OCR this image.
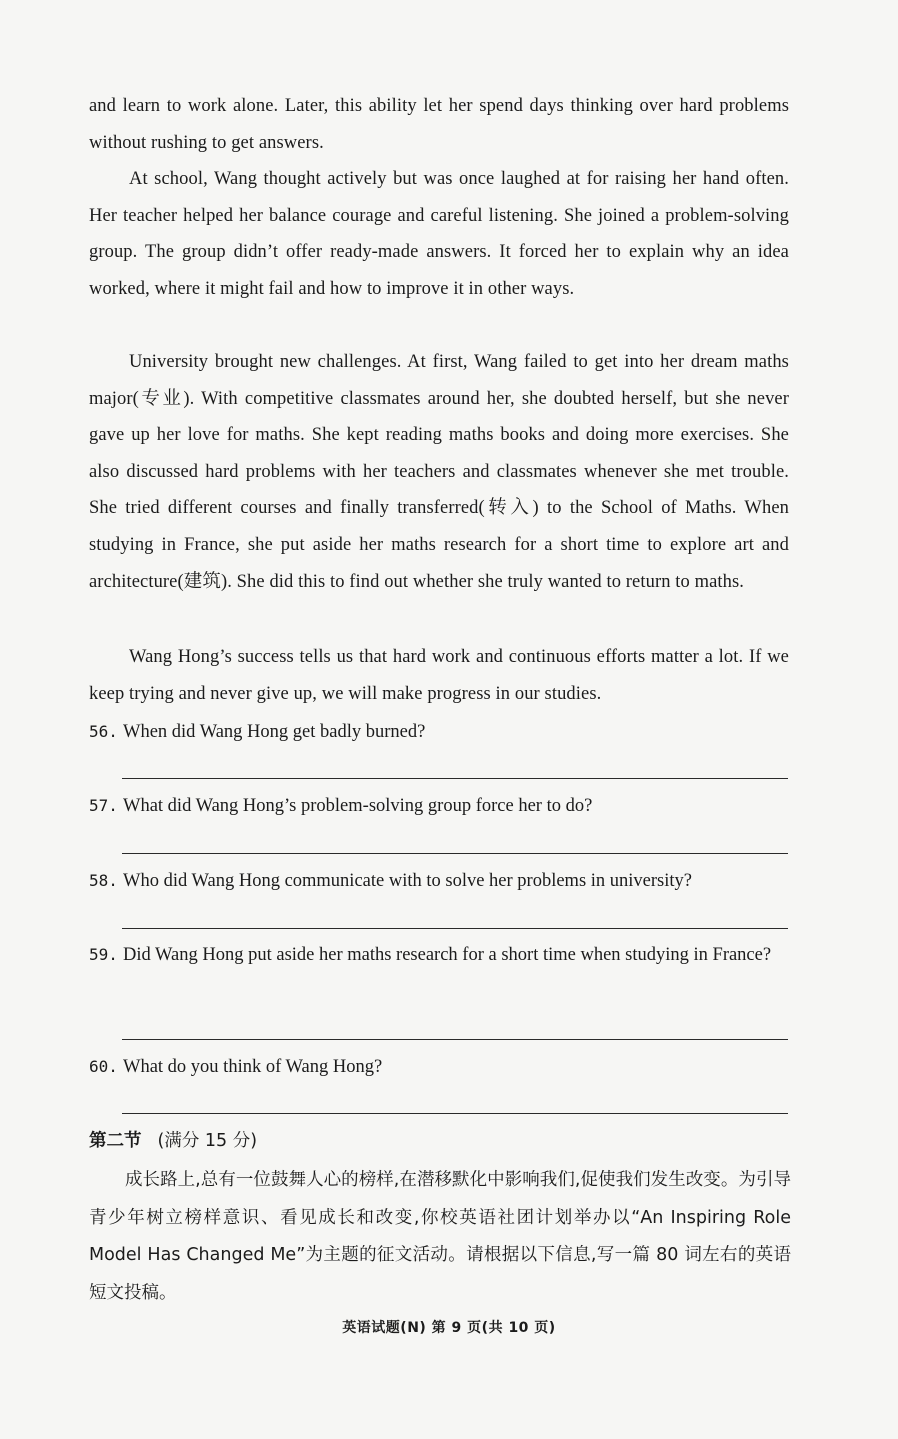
and learn to work alone. Later, this ability let her spend days thinking over hard problems without rushing to get answers.

At school, Wang thought actively but was once laughed at for raising her hand often. Her teacher helped her balance courage and careful listening. She joined a problem-solving group. The group didn’t offer ready-made answers. It forced her to explain why an idea worked, where it might fail and how to improve it in other ways.

University brought new challenges. At first, Wang failed to get into her dream maths major(专业). With competitive classmates around her, she doubted herself, but she never gave up her love for maths. She kept reading maths books and doing more exercises. She also discussed hard problems with her teachers and classmates whenever she met trouble. She tried different courses and finally transferred(转入) to the School of Maths. When studying in France, she put aside her maths research for a short time to explore art and architecture(建筑). She did this to find out whether she truly wanted to return to maths.

Wang Hong’s success tells us that hard work and continuous efforts matter a lot. If we keep trying and never give up, we will make progress in our studies.

56. When did Wang Hong get badly burned?
57. What did Wang Hong’s problem-solving group force her to do?
58. Who did Wang Hong communicate with to solve her problems in university?
59. Did Wang Hong put aside her maths research for a short time when studying in France?
60. What do you think of Wang Hong?
第二节 (满分 15 分)

成长路上,总有一位鼓舞人心的榜样,在潜移默化中影响我们,促使我们发生改变。为引导青少年树立榜样意识、看见成长和改变,你校英语社团计划举办以“An Inspiring Role Model Has Changed Me”为主题的征文活动。请根据以下信息,写一篇 80 词左右的英语短文投稿。

英语试题(N) 第 9 页(共 10 页)
